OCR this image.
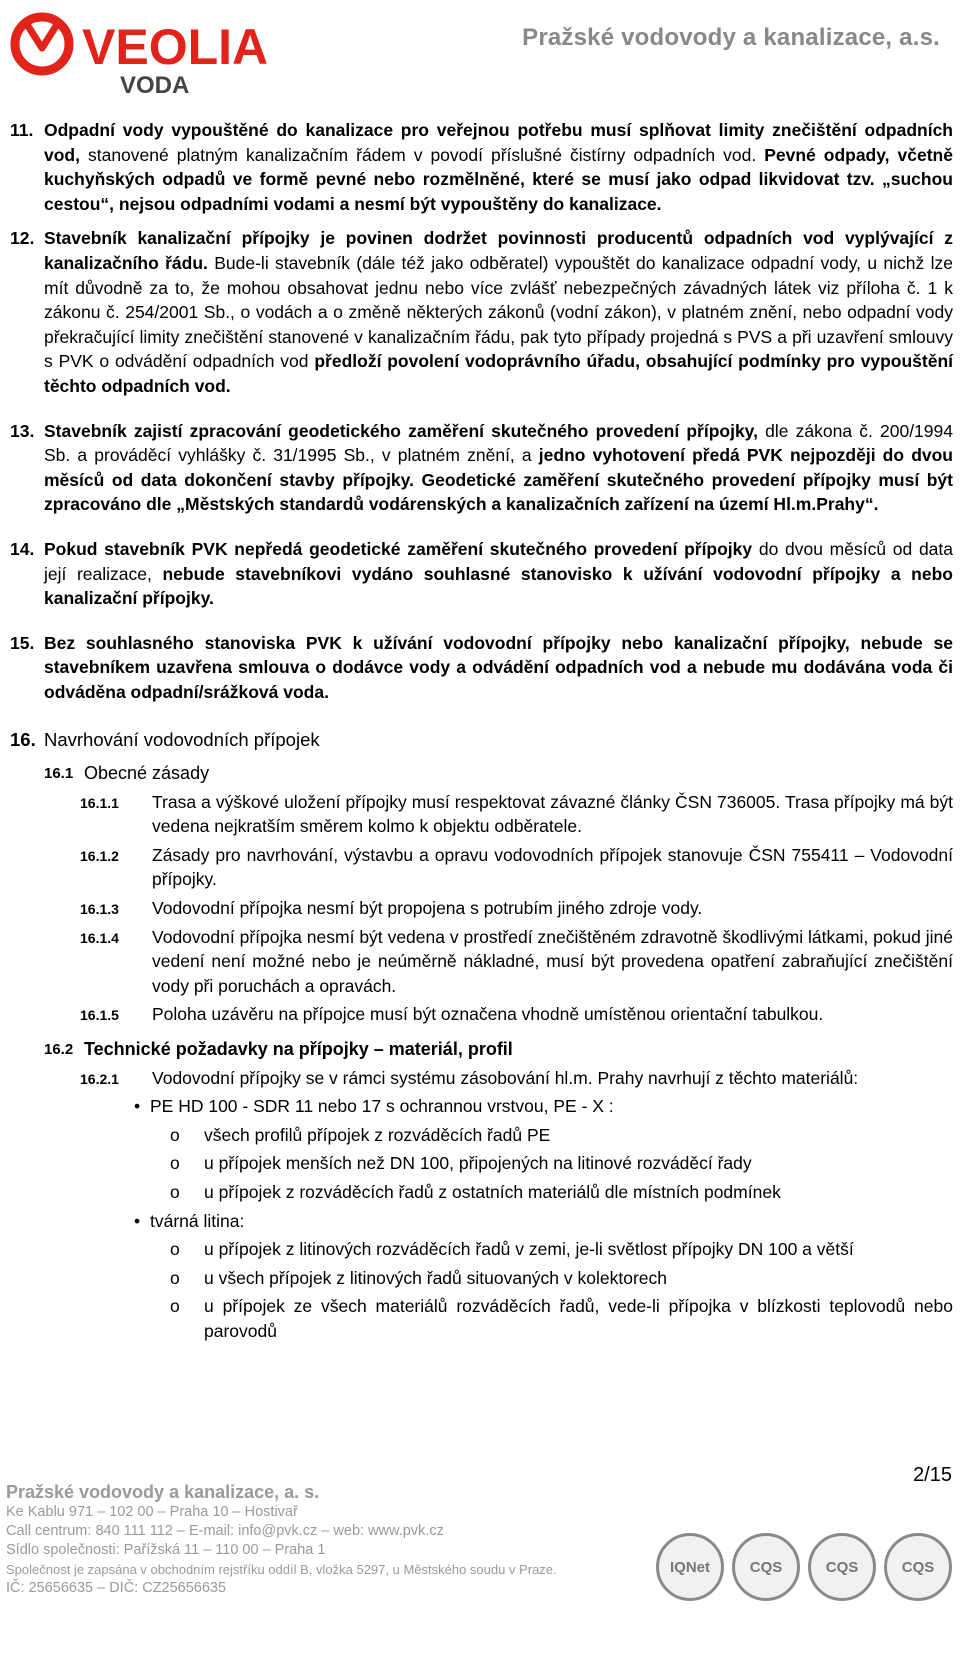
VEOLIA
VODA
Pražské vodovody a kanalizace, a.s.
11. Odpadní vody vypouštěné do kanalizace pro veřejnou potřebu musí splňovat limity znečištění odpadních vod, stanovené platným kanalizačním řádem v povodí příslušné čistírny odpadních vod. Pevné odpady, včetně kuchyňských odpadů ve formě pevné nebo rozmělněné, které se musí jako odpad likvidovat tzv. „suchou cestou“, nejsou odpadními vodami a nesmí být vypouštěny do kanalizace.
12. Stavebník kanalizační přípojky je povinen dodržet povinnosti producentů odpadních vod vyplývající z kanalizačního řádu. Bude-li stavebník (dále též jako odběratel) vypouštět do kanalizace odpadní vody, u nichž lze mít důvodně za to, že mohou obsahovat jednu nebo více zvlášť nebezpečných závadných látek viz příloha č. 1 k zákonu č. 254/2001 Sb., o vodách a o změně některých zákonů (vodní zákon), v platném znění, nebo odpadní vody překračující limity znečištění stanovené v kanalizačním řádu, pak tyto případy projedná s PVS a při uzavření smlouvy s PVK o odvádění odpadních vod předloží povolení vodoprávního úřadu, obsahující podmínky pro vypouštění těchto odpadních vod.
13. Stavebník zajistí zpracování geodetického zaměření skutečného provedení přípojky, dle zákona č. 200/1994 Sb. a prováděcí vyhlášky č. 31/1995 Sb., v platném znění, a jedno vyhotovení předá PVK nejpozději do dvou měsíců od data dokončení stavby přípojky. Geodetické zaměření skutečného provedení přípojky musí být zpracováno dle „Městských standardů vodárenských a kanalizačních zařízení na území Hl.m.Prahy“.
14. Pokud stavebník PVK nepředá geodetické zaměření skutečného provedení přípojky do dvou měsíců od data její realizace, nebude stavebníkovi vydáno souhlasné stanovisko k užívání vodovodní přípojky a nebo kanalizační přípojky.
15. Bez souhlasného stanoviska PVK k užívání vodovodní přípojky nebo kanalizační přípojky, nebude se stavebníkem uzavřena smlouva o dodávce vody a odvádění odpadních vod a nebude mu dodávána voda či odváděna odpadní/srážková voda.
16. Navrhování vodovodních přípojek
16.1 Obecné zásady
16.1.1 Trasa a výškové uložení přípojky musí respektovat závazné články ČSN 736005. Trasa přípojky má být vedena nejkratším směrem kolmo k objektu odběratele.
16.1.2 Zásady pro navrhování, výstavbu a opravu vodovodních přípojek stanovuje ČSN 755411 – Vodovodní přípojky.
16.1.3 Vodovodní přípojka nesmí být propojena s potrubím jiného zdroje vody.
16.1.4 Vodovodní přípojka nesmí být vedena v prostředí znečištěném zdravotně škodlivými látkami, pokud jiné vedení není možné nebo je neúměrně nákladné, musí být provedena opatření zabraňující znečištění vody při poruchách a opravách.
16.1.5 Poloha uzávěru na přípojce musí být označena vhodně umístěnou orientační tabulkou.
16.2 Technické požadavky na přípojky – materiál, profil
16.2.1 Vodovodní přípojky se v rámci systému zásobování hl.m. Prahy navrhují z těchto materiálů:
• PE HD 100 - SDR 11 nebo 17 s ochrannou vrstvou, PE - X :
o všech profilů přípojek z rozváděcích řadů PE
o u přípojek menších než DN 100, připojených na litinové rozváděcí řady
o u přípojek z rozváděcích řadů z ostatních materiálů dle místních podmínek
• tvárná litina:
o u přípojek z litinových rozváděcích řadů v zemi, je-li světlost přípojky DN 100 a větší
o u všech přípojek z litinových řadů situovaných v kolektorech
o u přípojek ze všech materiálů rozváděcích řadů, vede-li přípojka v blízkosti teplovodů nebo parovodů
2/15
Pražské vodovody a kanalizace, a. s.
Ke Kablu 971 – 102 00 – Praha 10 – Hostivař
Call centrum: 840 111 112 – E-mail: info@pvk.cz – web: www.pvk.cz
Sídlo společnosti: Pařížská 11 – 110 00 – Praha 1
Společnost je zapsána v obchodním rejstříku oddíl B, vložka 5297, u Městského soudu v Praze.
IČ: 25656635 – DIČ: CZ25656635
IQNet	CQS	CQS	CQS
